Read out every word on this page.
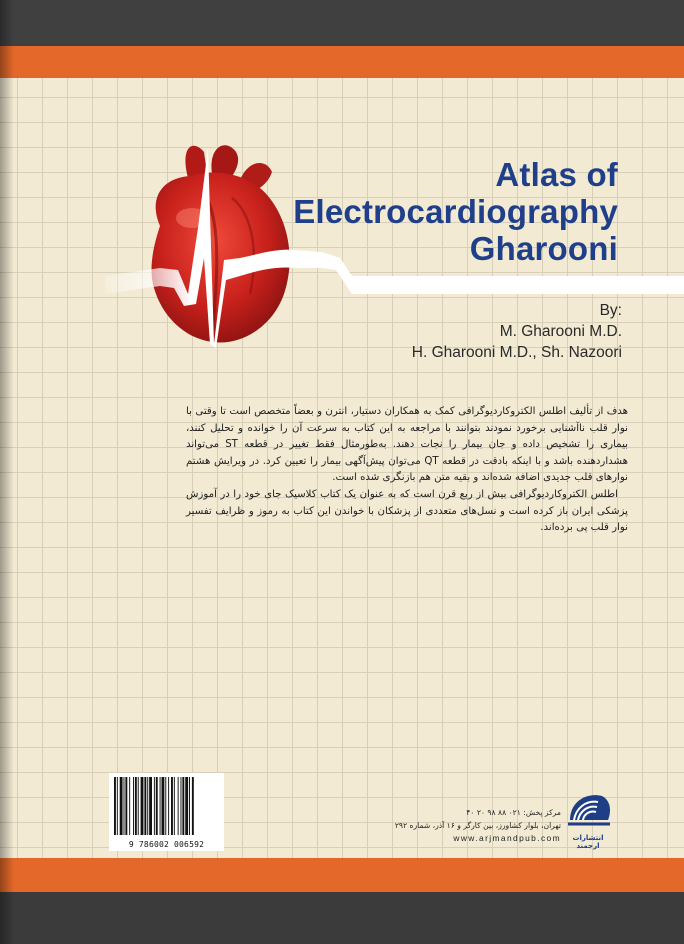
Atlas of
Electrocardiography
Gharooni
By:
M. Gharooni M.D.
H. Gharooni M.D., Sh. Nazoori

هدف از تألیف اطلس الکتروکاردیوگرافی کمک به همکاران دستیار، انترن و بعضاً متخصص است تا وقتی با نوار قلب ناآشنایی برخورد نمودند بتوانند با مراجعه به این کتاب به سرعت آن را خوانده و تحلیل کنند، بیماری را تشخیص داده و جان بیمار را نجات دهند. به‌طورمثال فقط تغییر در قطعه ST می‌تواند هشداردهنده باشد و با اینکه بادقت در قطعه QT می‌توان پیش‌آگهی بیمار را تعیین کرد. در ویرایش هشتم نوارهای قلب جدیدی اضافه شده‌اند و بقیه متن هم بازنگری شده است.

اطلس الکتروکاردیوگرافی بیش از ربع قرن است که به عنوان یک کتاب کلاسیک جای خود را در آموزش پزشکی ایران باز کرده است و نسل‌های متعددی از پزشکان با خواندن این کتاب به رموز و ظرایف تفسیر نوار قلب پی برده‌اند.

9 786002 006592
مرکز پخش: ۰۲۱ ۸۸ ۹۸ ۲۰ ۴۰
تهران، بلوار کشاورز، بین کارگر و ۱۶ آذر، شماره ۲۹۲
www.arjmandpub.com	انتشارات ارجمند
